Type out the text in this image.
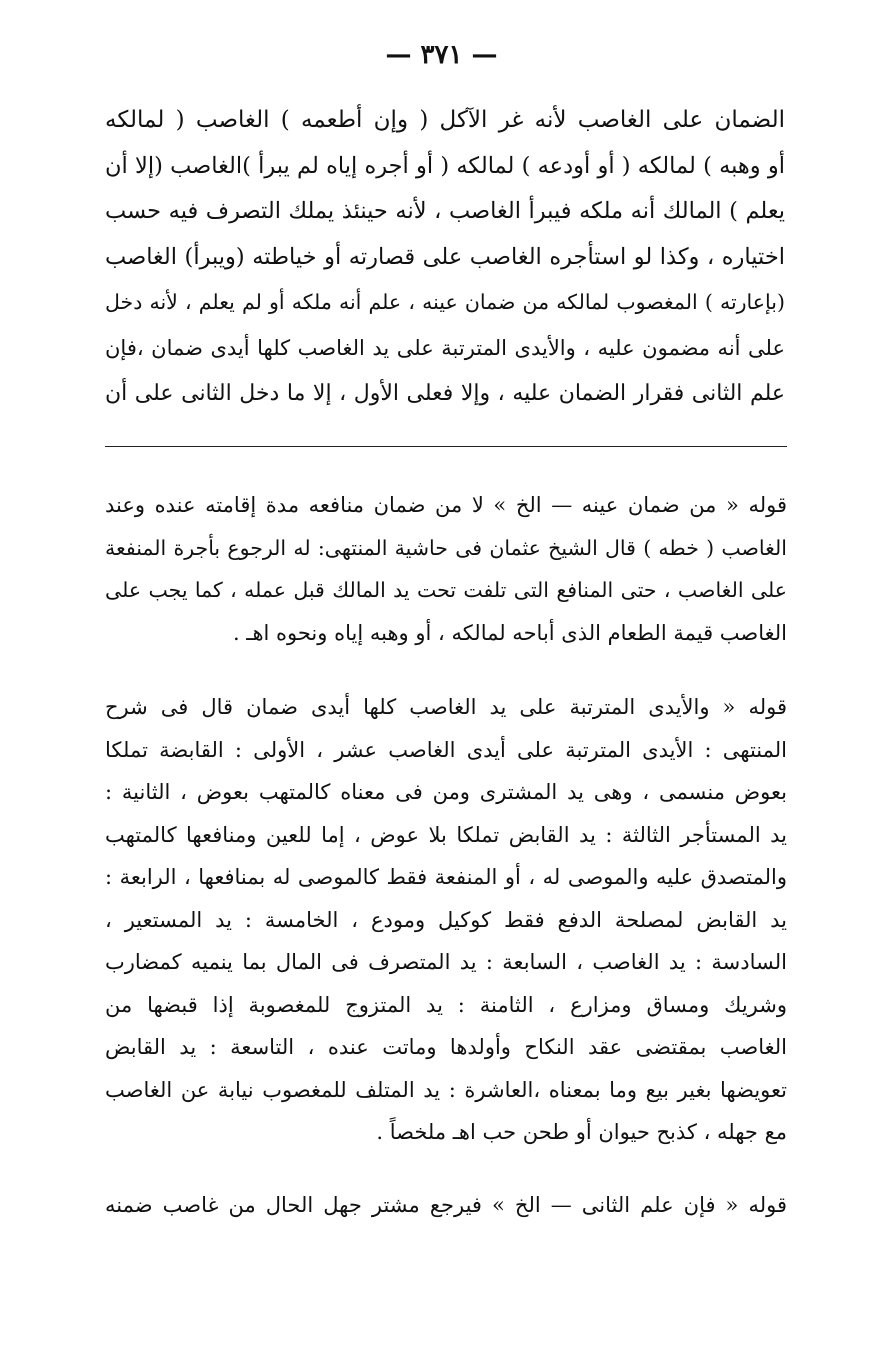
— ٣٧١ —
الضمان على الغاصب لأنه غر الآكل ( وإن أطعمه ) الغاصب ( لمالكه
أو وهبه ) لمالكه ( أو أودعه ) لمالكه ( أو أجره إياه لم يبرأ )الغاصب (إلا أن
يعلم ) المالك أنه ملكه فيبرأ الغاصب ، لأنه حينئذ يملك التصرف فيه حسب
اختياره ، وكذا لو استأجره الغاصب على قصارته أو خياطته (ويبرأ) الغاصب
(بإعارته ) المغصوب لمالكه من ضمان عينه ، علم أنه ملكه أو لم يعلم ، لأنه دخل
على أنه مضمون عليه ، والأيدى المترتبة على يد الغاصب كلها أيدى ضمان ،فإن
علم الثانى فقرار الضمان عليه ، وإلا فعلى الأول ، إلا ما دخل الثانى على أن
قوله « من ضمان عينه — الخ » لا من ضمان منافعه مدة إقامته عنده وعند
الغاصب ( خطه ) قال الشيخ عثمان فى حاشية المنتهى: له الرجوع بأجرة المنفعة
على الغاصب ، حتى المنافع التى تلفت تحت يد المالك قبل عمله ، كما يجب على
الغاصب قيمة الطعام الذى أباحه لمالكه ، أو وهبه إياه ونحوه اهـ .
قوله « والأيدى المترتبة على يد الغاصب كلها أيدى ضمان قال فى شرح
المنتهى : الأيدى المترتبة على أيدى الغاصب عشر ، الأولى : القابضة تملكا
بعوض منسمى ، وهى يد المشترى ومن فى معناه كالمتهب بعوض ، الثانية :
يد المستأجر الثالثة : يد القابض تملكا بلا عوض ، إما للعين ومنافعها كالمتهب
والمتصدق عليه والموصى له ، أو المنفعة فقط كالموصى له بمنافعها ، الرابعة :
يد القابض لمصلحة الدفع فقط كوكيل ومودع ، الخامسة : يد المستعير ،
السادسة : يد الغاصب ، السابعة : يد المتصرف فى المال بما ينميه كمضارب
وشريك ومساق ومزارع ، الثامنة : يد المتزوج للمغصوبة إذا قبضها من
الغاصب بمقتضى عقد النكاح وأولدها وماتت عنده ، التاسعة : يد القابض
تعويضها بغير بيع وما بمعناه ،العاشرة : يد المتلف للمغصوب نيابة عن الغاصب
مع جهله ، كذبح حيوان أو طحن حب اهـ ملخصاً .
قوله « فإن علم الثانى — الخ » فيرجع مشتر جهل الحال من غاصب ضمنه
